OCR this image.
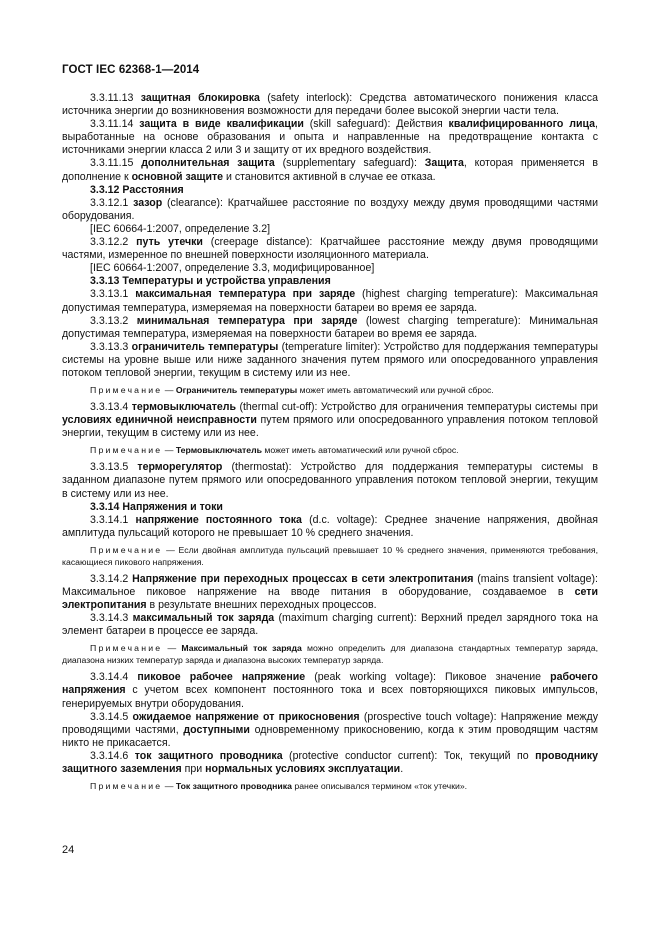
ГОСТ IEC 62368-1—2014

3.3.11.13 защитная блокировка (safety interlock): Средства автоматического понижения класса источника энергии до возникновения возможности для передачи более высокой энергии части тела.

3.3.11.14 защита в виде квалификации (skill safeguard): Действия квалифицированного лица, выработанные на основе образования и опыта и направленные на предотвращение контакта с источниками энергии класса 2 или 3 и защиту от их вредного воздействия.

3.3.11.15 дополнительная защита (supplementary safeguard): Защита, которая применяется в дополнение к основной защите и становится активной в случае ее отказа.

3.3.12 Расстояния

3.3.12.1 зазор (clearance): Кратчайшее расстояние по воздуху между двумя проводящими частями оборудования.

[IEC 60664-1:2007, определение 3.2]

3.3.12.2 путь утечки (creepage distance): Кратчайшее расстояние между двумя проводящими частями, измеренное по внешней поверхности изоляционного материала.

[IEC 60664-1:2007, определение 3.3, модифицированное]

3.3.13 Температуры и устройства управления

3.3.13.1 максимальная температура при заряде (highest charging temperature): Максимальная допустимая температура, измеряемая на поверхности батареи во время ее заряда.

3.3.13.2 минимальная температура при заряде (lowest charging temperature): Минимальная допустимая температура, измеряемая на поверхности батареи во время ее заряда.

3.3.13.3 ограничитель температуры (temperature limiter): Устройство для поддержания температуры системы на уровне выше или ниже заданного значения путем прямого или опосредованного управления потоком тепловой энергии, текущим в систему или из нее.

Примечание — Ограничитель температуры может иметь автоматический или ручной сброс.

3.3.13.4 термовыключатель (thermal cut-off): Устройство для ограничения температуры системы при условиях единичной неисправности путем прямого или опосредованного управления потоком тепловой энергии, текущим в систему или из нее.

Примечание — Термовыключатель может иметь автоматический или ручной сброс.

3.3.13.5 терморегулятор (thermostat): Устройство для поддержания температуры системы в заданном диапазоне путем прямого или опосредованного управления потоком тепловой энергии, текущим в систему или из нее.

3.3.14 Напряжения и токи

3.3.14.1 напряжение постоянного тока (d.c. voltage): Среднее значение напряжения, двойная амплитуда пульсаций которого не превышает 10 % среднего значения.

Примечание — Если двойная амплитуда пульсаций превышает 10 % среднего значения, применяются требования, касающиеся пикового напряжения.

3.3.14.2 Напряжение при переходных процессах в сети электропитания (mains transient voltage): Максимальное пиковое напряжение на вводе питания в оборудование, создаваемое в сети электропитания в результате внешних переходных процессов.

3.3.14.3 максимальный ток заряда (maximum charging current): Верхний предел зарядного тока на элемент батареи в процессе ее заряда.

Примечание — Максимальный ток заряда можно определить для диапазона стандартных температур заряда, диапазона низких температур заряда и диапазона высоких температур заряда.

3.3.14.4 пиковое рабочее напряжение (peak working voltage): Пиковое значение рабочего напряжения с учетом всех компонент постоянного тока и всех повторяющихся пиковых импульсов, генерируемых внутри оборудования.

3.3.14.5 ожидаемое напряжение от прикосновения (prospective touch voltage): Напряжение между проводящими частями, доступными одновременному прикосновению, когда к этим проводящим частям никто не прикасается.

3.3.14.6 ток защитного проводника (protective conductor current): Ток, текущий по проводнику защитного заземления при нормальных условиях эксплуатации.

Примечание — Ток защитного проводника ранее описывался термином «ток утечки».

24
